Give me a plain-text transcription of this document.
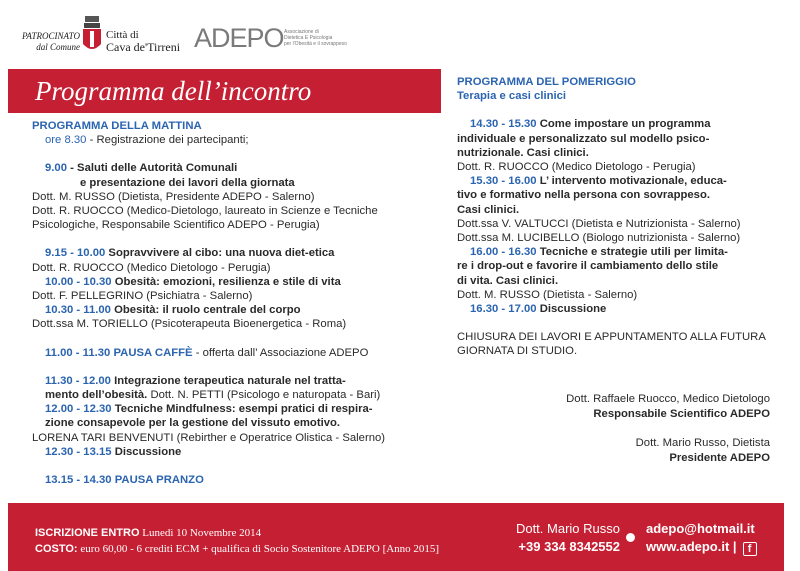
PATROCINATO
dal Comune
Città di
Cava de'Tirreni ADEPO Associazione di
Dietetica E Psicologia
per l'Obesità e il sovrappeso
Programma dell’incontro
PROGRAMMA DELLA MATTINA
ore 8.30 - Registrazione dei partecipanti;
9.00 - Saluti delle Autorità Comunali
e presentazione dei lavori della giornata
Dott. M. RUSSO (Dietista, Presidente ADEPO - Salerno)
Dott. R. RUOCCO (Medico-Dietologo, laureato in Scienze e Tecniche
Psicologiche, Responsabile Scientifico ADEPO - Perugia)
9.15 - 10.00 Sopravvivere al cibo: una nuova diet-etica
Dott. R. RUOCCO (Medico Dietologo - Perugia)
10.00 - 10.30 Obesità: emozioni, resilienza e stile di vita
Dott. F. PELLEGRINO (Psichiatra - Salerno)
10.30 - 11.00 Obesità: il ruolo centrale del corpo
Dott.ssa M. TORIELLO (Psicoterapeuta Bioenergetica - Roma)
11.00 - 11.30 PAUSA CAFFÈ - offerta dall’ Associazione ADEPO
11.30 - 12.00 Integrazione terapeutica naturale nel tratta-
mento dell’obesità. Dott. N. PETTI (Psicologo e naturopata - Bari)
12.00 - 12.30 Tecniche Mindfulness: esempi pratici di respira-
zione consapevole per la gestione del vissuto emotivo.
LORENA TARI BENVENUTI (Rebirther e Operatrice Olistica - Salerno)
12.30 - 13.15 Discussione
13.15 - 14.30 PAUSA PRANZO
PROGRAMMA DEL POMERIGGIO
Terapia e casi clinici
14.30 - 15.30 Come impostare un programma
individuale e personalizzato sul modello psico-
nutrizionale. Casi clinici.
Dott. R. RUOCCO (Medico Dietologo - Perugia)
15.30 - 16.00 L’ intervento motivazionale, educa-
tivo e formativo nella persona con sovrappeso.
Casi clinici.
Dott.ssa V. VALTUCCI (Dietista e Nutrizionista - Salerno)
Dott.ssa M. LUCIBELLO (Biologo nutrizionista - Salerno)
16.00 - 16.30 Tecniche e strategie utili per limita-
re i drop-out e favorire il cambiamento dello stile
di vita. Casi clinici.
Dott. M. RUSSO (Dietista - Salerno)
16.30 - 17.00 Discussione
CHIUSURA DEI LAVORI E APPUNTAMENTO ALLA FUTURA
GIORNATA DI STUDIO.
Dott. Raffaele Ruocco, Medico Dietologo
Responsabile Scientifico ADEPO
Dott. Mario Russo, Dietista
Presidente ADEPO
ISCRIZIONE ENTRO Lunedì 10 Novembre 2014
COSTO: euro 60,00 - 6 crediti ECM + qualifica di Socio Sostenitore ADEPO [Anno 2015]
Dott. Mario Russo
+39 334 8342552
adepo@hotmail.it
www.adepo.it | f
